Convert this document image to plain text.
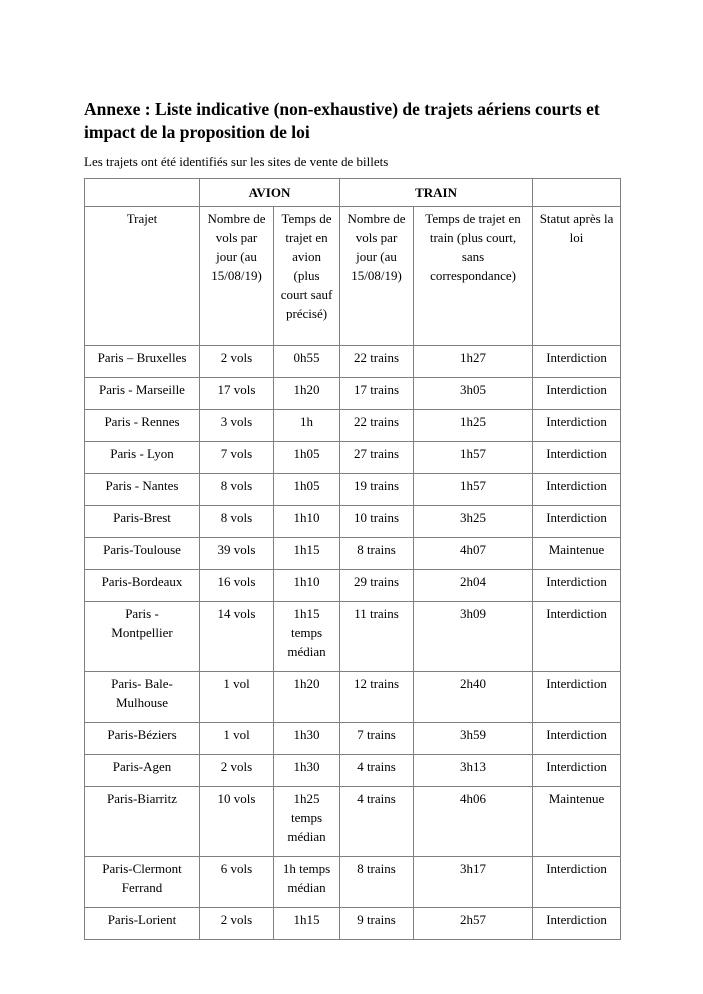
Annexe : Liste indicative (non-exhaustive) de trajets aériens courts et impact de la proposition de loi

Les trajets ont été identifiés sur les sites de vente de billets

	AVION		TRAIN		
Trajet	Nombre de vols par jour (au 15/08/19)	Temps de trajet en avion (plus court sauf précisé)	Nombre de vols par jour (au 15/08/19)	Temps de trajet en train (plus court, sans correspondance)	Statut après la loi
Paris – Bruxelles	2 vols	0h55	22 trains	1h27	Interdiction
Paris - Marseille	17 vols	1h20	17 trains	3h05	Interdiction
Paris - Rennes	3 vols	1h	22 trains	1h25	Interdiction
Paris - Lyon	7 vols	1h05	27 trains	1h57	Interdiction
Paris - Nantes	8 vols	1h05	19 trains	1h57	Interdiction
Paris-Brest	8 vols	1h10	10 trains	3h25	Interdiction
Paris-Toulouse	39 vols	1h15	8 trains	4h07	Maintenue
Paris-Bordeaux	16 vols	1h10	29 trains	2h04	Interdiction
Paris - Montpellier	14 vols	1h15 temps médian	11 trains	3h09	Interdiction
Paris- Bale-Mulhouse	1 vol	1h20	12 trains	2h40	Interdiction
Paris-Béziers	1 vol	1h30	7 trains	3h59	Interdiction
Paris-Agen	2 vols	1h30	4 trains	3h13	Interdiction
Paris-Biarritz	10 vols	1h25 temps médian	4 trains	4h06	Maintenue
Paris-Clermont Ferrand	6 vols	1h temps médian	8 trains	3h17	Interdiction
Paris-Lorient	2 vols	1h15	9 trains	2h57	Interdiction
